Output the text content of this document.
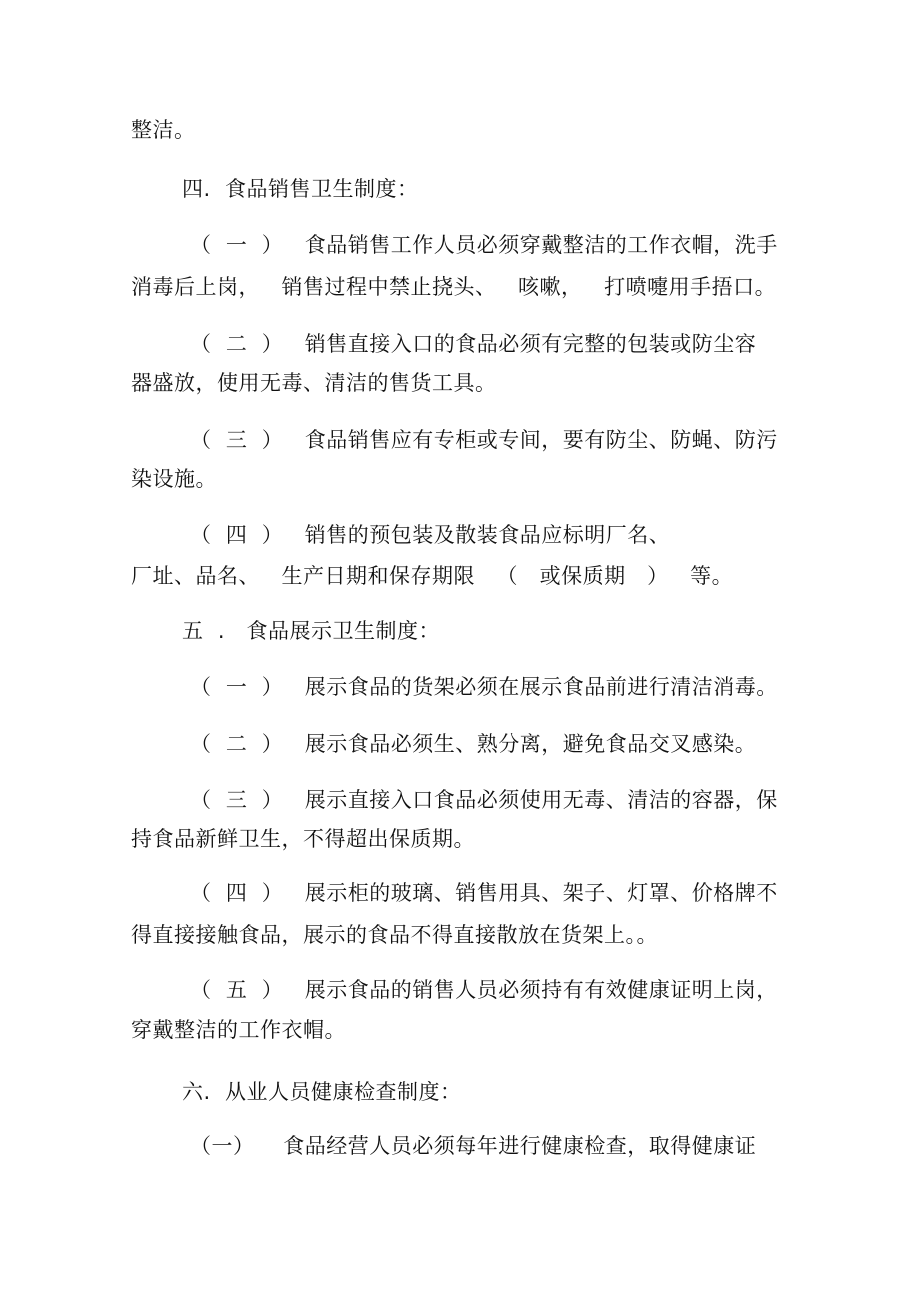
整洁。
四.  食品销售卫生制度：
（  一  ）   食品销售工作人员必须穿戴整洁的工作衣帽，洗手
消毒后上岗，   销售过程中禁止挠头、   咳嗽，   打喷嚏用手捂口。
（  二  ）   销售直接入口的食品必须有完整的包装或防尘容
器盛放，使用无毒、清洁的售货工具。
（  三  ）   食品销售应有专柜或专间，要有防尘、防蝇、防污
染设施。
（  四  ）   销售的预包装及散装食品应标明厂名、
厂址、品名、   生产日期和保存期限   （   或保质期   ）   等。
五  .   食品展示卫生制度：
（  一  ）   展示食品的货架必须在展示食品前进行清洁消毒。
（  二  ）   展示食品必须生、熟分离，避免食品交叉感染。
（  三  ）   展示直接入口食品必须使用无毒、清洁的容器，保
持食品新鲜卫生，不得超出保质期。
（  四  ）   展示柜的玻璃、销售用具、架子、灯罩、价格牌不
得直接接触食品，展示的食品不得直接散放在货架上。。
（  五  ）   展示食品的销售人员必须持有有效健康证明上岗，
穿戴整洁的工作衣帽。
六.  从业人员健康检查制度：
（一）    食品经营人员必须每年进行健康检查，取得健康证
